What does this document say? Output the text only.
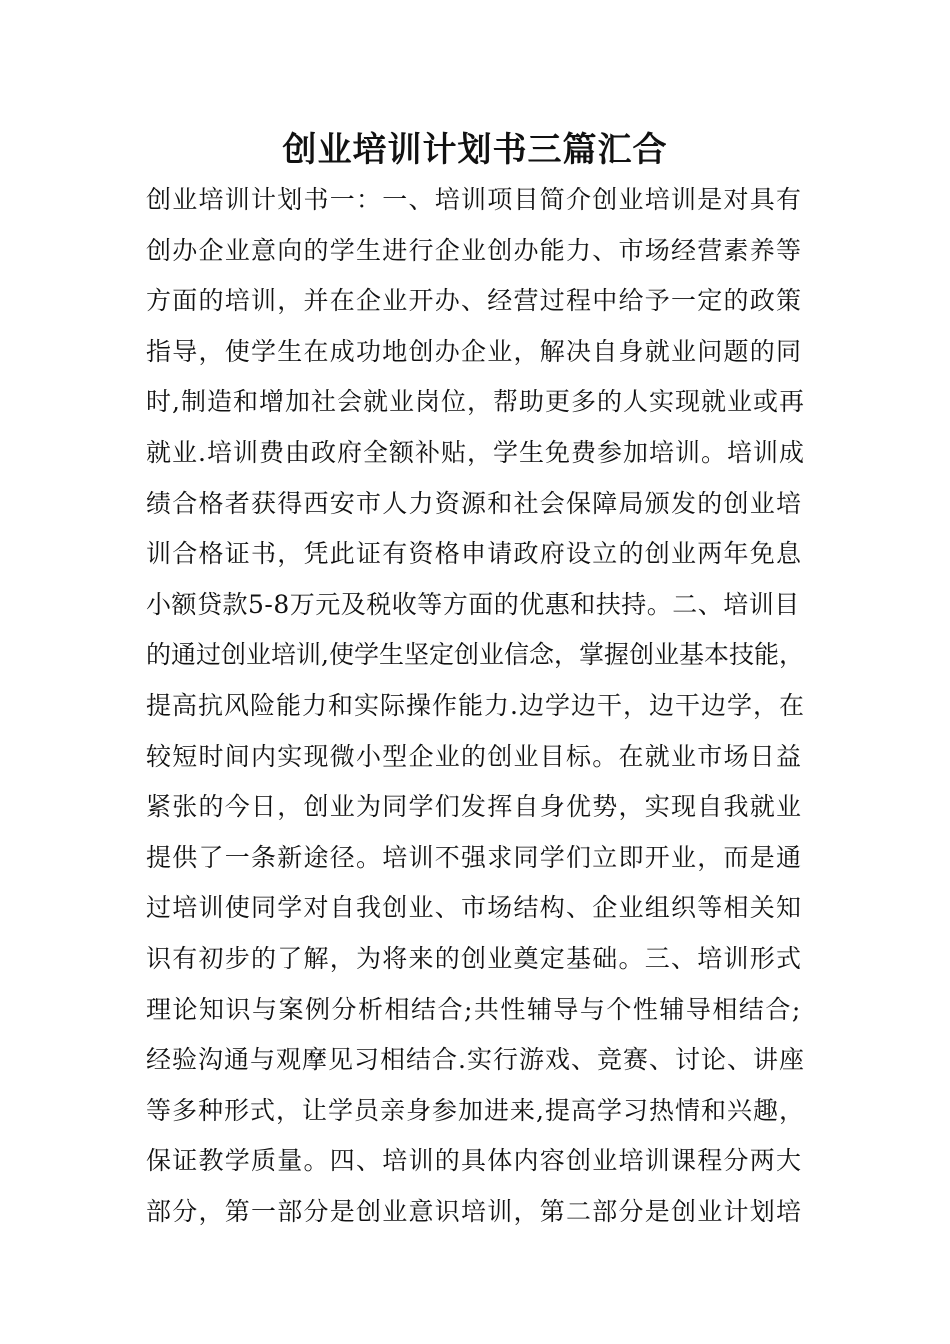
创业培训计划书三篇汇合
创业培训计划书一：一、培训项目简介创业培训是对具有
创办企业意向的学生进行企业创办能力、市场经营素养等
方面的培训，并在企业开办、经营过程中给予一定的政策
指导，使学生在成功地创办企业，解决自身就业问题的同
时,制造和增加社会就业岗位，帮助更多的人实现就业或再
就业.培训费由政府全额补贴，学生免费参加培训。培训成
绩合格者获得西安市人力资源和社会保障局颁发的创业培
训合格证书，凭此证有资格申请政府设立的创业两年免息
小额贷款5-8万元及税收等方面的优惠和扶持。二、培训目
的通过创业培训,使学生坚定创业信念，掌握创业基本技能，
提高抗风险能力和实际操作能力.边学边干，边干边学，在
较短时间内实现微小型企业的创业目标。在就业市场日益
紧张的今日，创业为同学们发挥自身优势，实现自我就业
提供了一条新途径。培训不强求同学们立即开业，而是通
过培训使同学对自我创业、市场结构、企业组织等相关知
识有初步的了解，为将来的创业奠定基础。三、培训形式
理论知识与案例分析相结合;共性辅导与个性辅导相结合;
经验沟通与观摩见习相结合.实行游戏、竞赛、讨论、讲座
等多种形式，让学员亲身参加进来,提高学习热情和兴趣，
保证教学质量。四、培训的具体内容创业培训课程分两大
部分，第一部分是创业意识培训，第二部分是创业计划培
